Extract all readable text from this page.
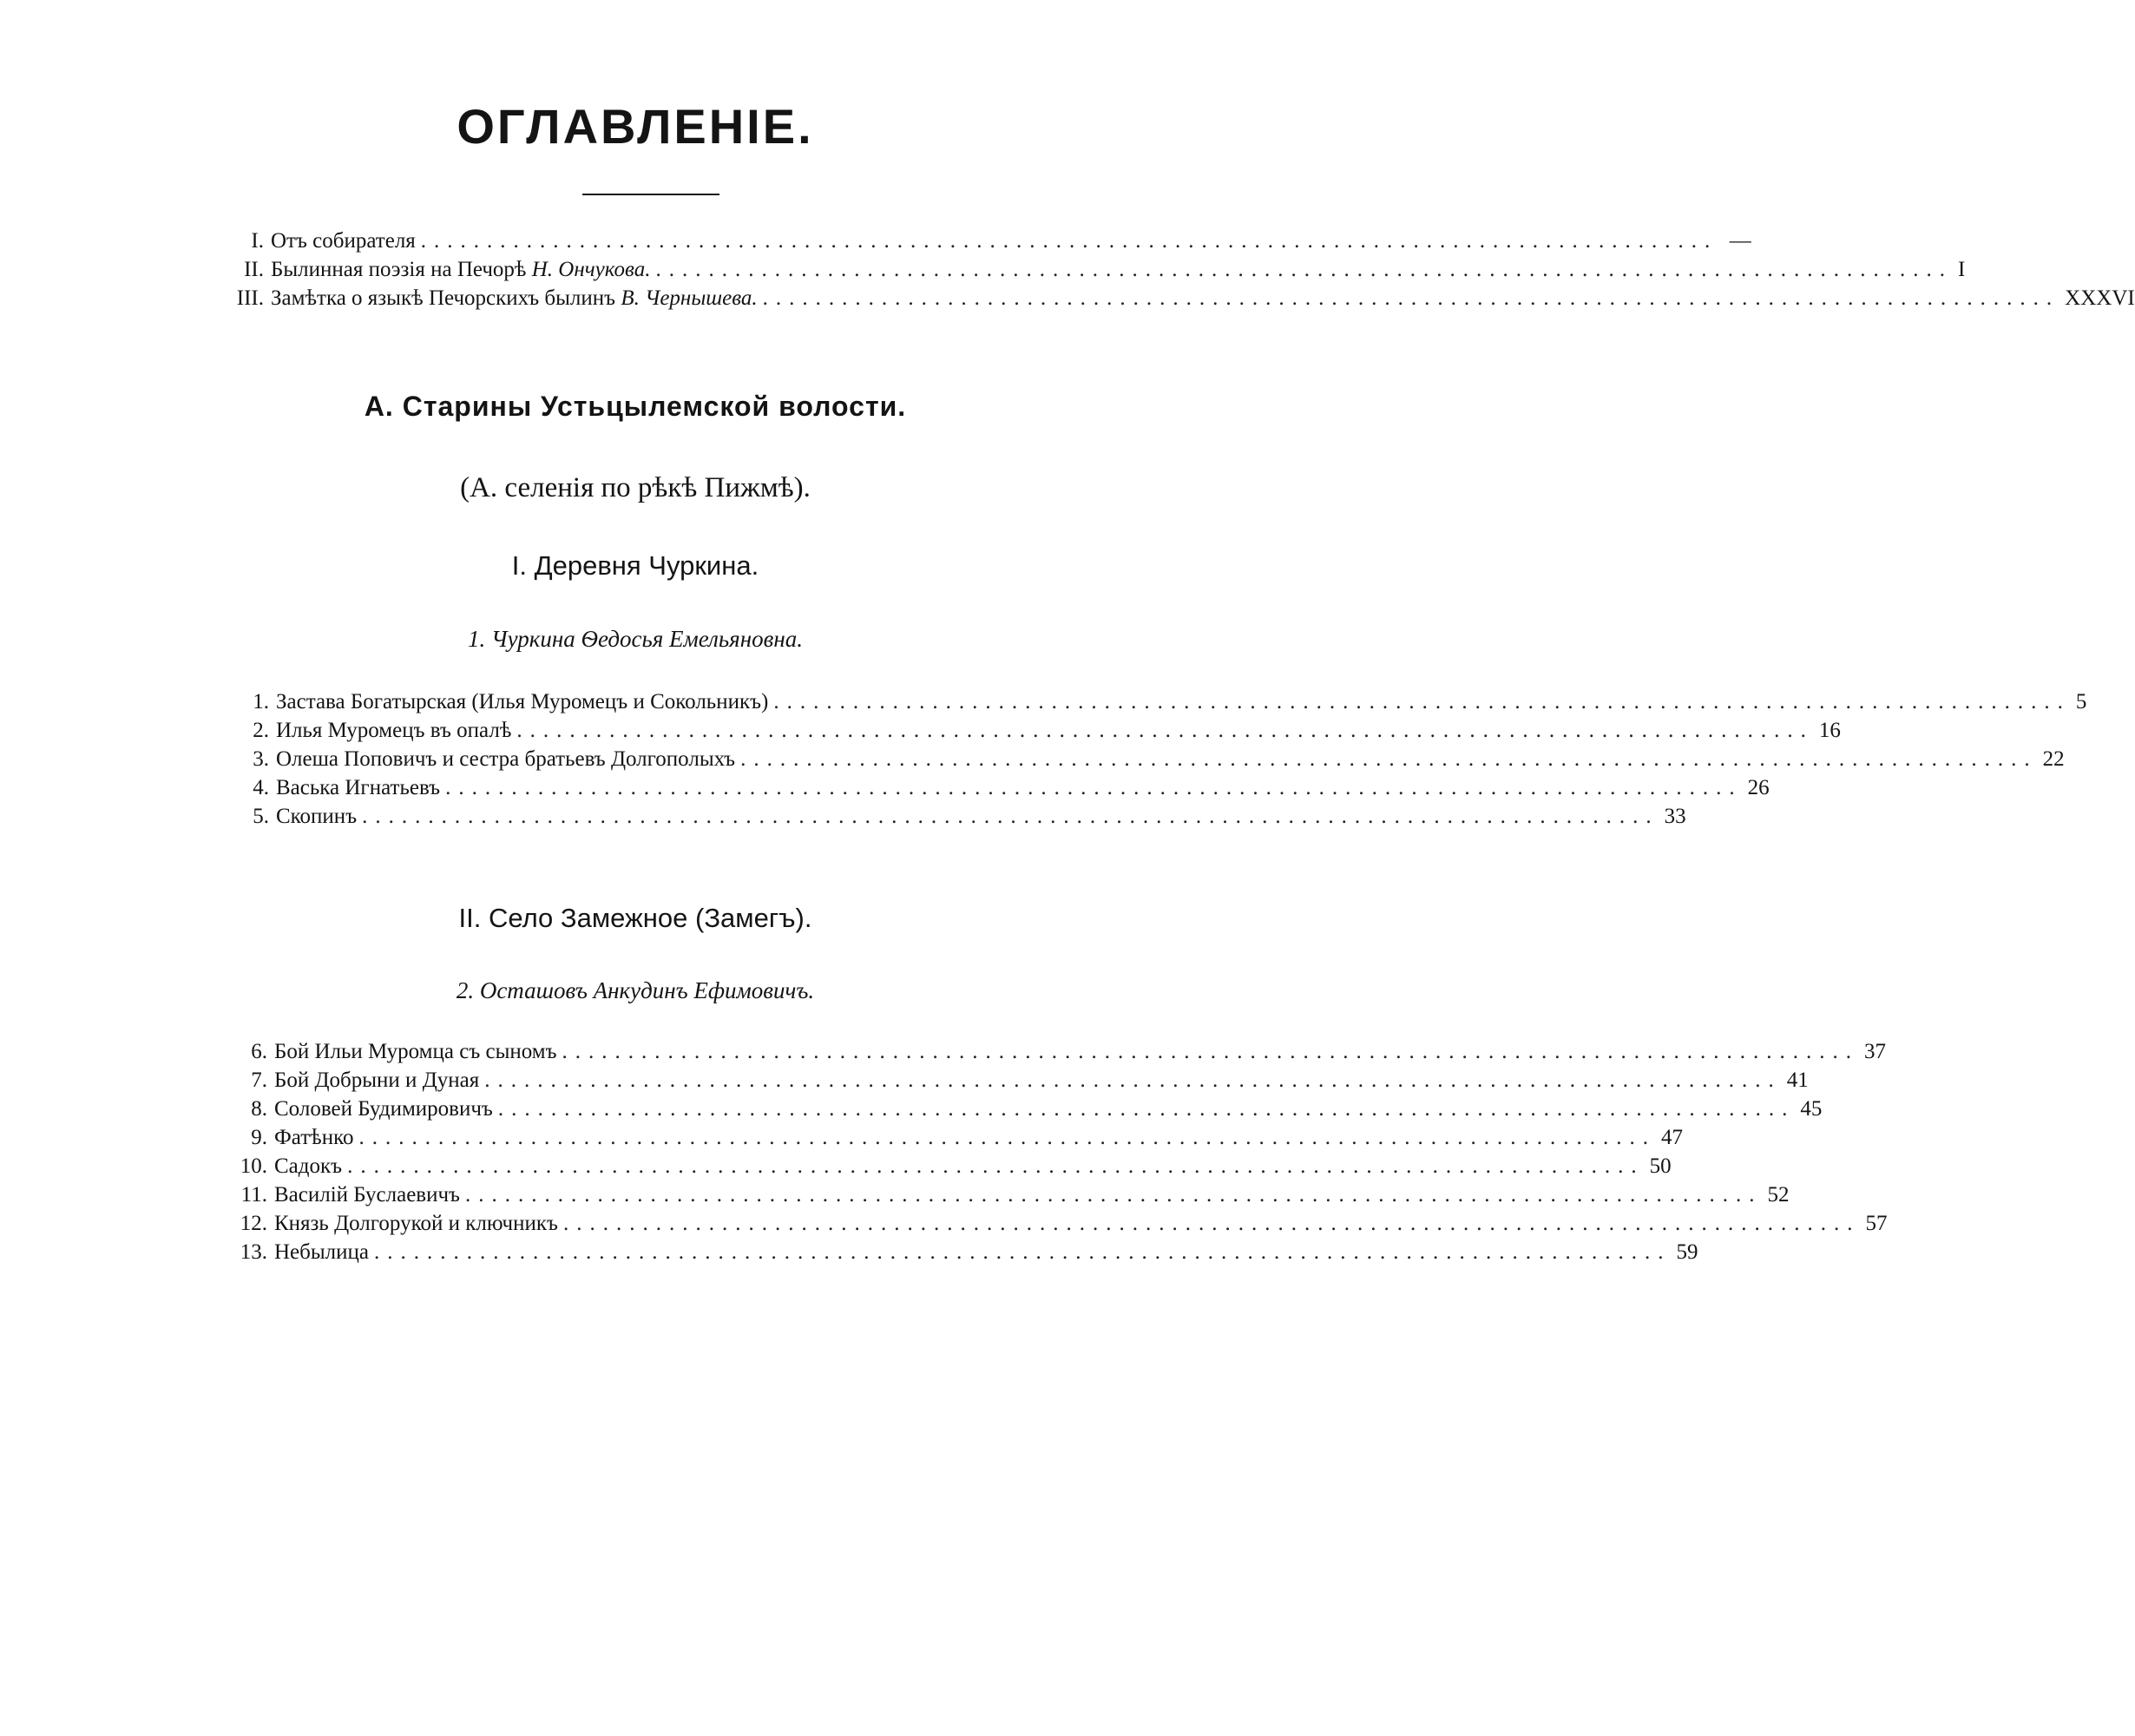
ОГЛАВЛЕНІЕ.
I. Отъ собирателя .................................................................................................. —
II. Былинная поэзія на Печорѣ Н. Ончукова. .................................................................................................. I
III. Замѣтка о языкѣ Печорскихъ былинъ В. Чернышева. .................................................................................................. XXXVI
А. Старины Устьцылемской волости.
(А. селенія по рѣкѣ Пижмѣ).
I. Деревня Чуркина.
1. Чуркина Ѳедосья Емельяновна.
1. Застава Богатырская (Илья Муромецъ и Сокольникъ) .................................................................................................. 5
2. Илья Муромецъ въ опалѣ .................................................................................................. 16
3. Олеша Поповичъ и сестра братьевъ Долгополыхъ .................................................................................................. 22
4. Васька Игнатьевъ .................................................................................................. 26
5. Скопинъ .................................................................................................. 33
II. Село Замежное (Замегъ).
2. Осташовъ Анкудинъ Ефимовичъ.
6. Бой Ильи Муромца съ сыномъ .................................................................................................. 37
7. Бой Добрыни и Дуная .................................................................................................. 41
8. Соловей Будимировичъ .................................................................................................. 45
9. Фатѣнко .................................................................................................. 47
10. Садокъ .................................................................................................. 50
11. Василій Буслаевичъ .................................................................................................. 52
12. Князь Долгорукой и ключникъ .................................................................................................. 57
13. Небылица .................................................................................................. 59
